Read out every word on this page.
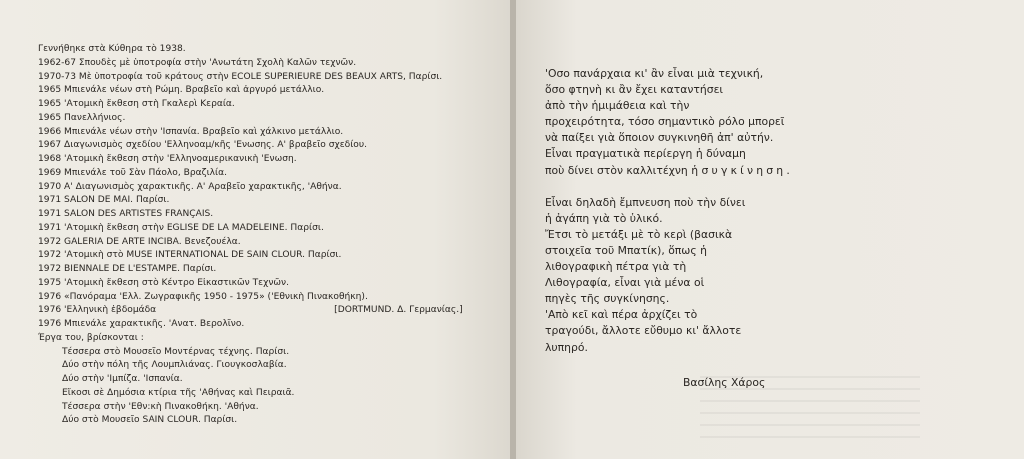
Γεννήθηκε στὰ Κύθηρα τὸ 1938.
1962-67 Σπουδὲς μὲ ὑποτροφία στὴν 'Ανωτάτη Σχολὴ Καλῶν τεχνῶν.
1970-73 Μὲ ὑποτροφία τοῦ κράτους στὴν ECOLE SUPERIEURE DES BEAUX ARTS, Παρίσι.
1965 Μπιενάλε νέων στὴ Ρώμη. Βραβεῖο καὶ ἀργυρό μετάλλιο.
1965 'Ατομικὴ ἔκθεση στὴ Γκαλερὶ Κεραία.
1965 Πανελλήνιος.
1966 Μπιενάλε νέων στὴν 'Ισπανία. Βραβεῖο καὶ χάλκινο μετάλλιο.
1967 Διαγωνισμὸς σχεδίου 'Ελληνοαμ/κῆς 'Ενωσης. Α' βραβεῖο σχεδίου.
1968 'Ατομικὴ ἔκθεση στὴν 'Ελληνοαμερικανικὴ 'Ενωση.
1969 Μπιενάλε τοῦ Σὰν Πάολο, Βραζιλία.
1970 Α' Διαγωνισμὸς χαρακτικῆς. Α' Αραβεῖο χαρακτικῆς, 'Αθήνα.
1971 SALON DE MAI. Παρίσι.
1971 SALON DES ARTISTES FRANÇAIS.
1971 'Ατομικὴ ἔκθεση στὴν EGLISE DE LA MADELEINE. Παρίσι.
1972 GALERIA DE ARTE INCIBA. Βενεζουέλα.
1972 'Ατομικὴ στὸ MUSE INTERNATIONAL DE SAIN CLOUR. Παρίσι.
1972 BIENNALE DE L'ESTAMPE. Παρίσι.
1975 'Ατομικὴ ἔκθεση στὸ Κέντρο Εἰκαστικῶν Τεχνῶν.
1976 «Πανόραμα 'Ελλ. Ζωγραφικῆς 1950 - 1975» ('Εθνικὴ Πινακοθήκη).
1976 'Ελληνικὴ ἑβδομάδα	[DORTMUND. Δ. Γερμανίας.]
1976 Μπιενάλε χαρακτικῆς. 'Ανατ. Βερολῖνο.
Έργα του, βρίσκονται :
Τέσσερα στὸ Μουσεῖο Μοντέρνας τέχνης. Παρίσι.
Δύο στὴν πόλη τῆς Λουμπλιάνας. Γιουγκοσλαβία.
Δύο στὴν 'Ιμπίζα. 'Ισπανία.
Εἴκοσι σὲ Δημόσια κτίρια τῆς 'Αθήνας καὶ Πειραιᾶ.
Τέσσερα στὴν 'Εθν:κὴ Πινακοθήκη. 'Αθήνα.
Δύο στὸ Μουσεῖο SAIN CLOUR. Παρίσι.
'Οσο πανάρχαια κι' ἂν εἶναι μιὰ τεχνική,
ὅσο φτηνὴ κι ἂν ἔχει καταντήσει
ἀπὸ τὴν ἡμιμάθεια καὶ τὴν
προχειρότητα, τόσο σημαντικὸ ρόλο μπορεῖ
νὰ παίξει γιὰ ὅποιον συγκινηθῆ ἀπ' αὐτήν.
Εἶναι πραγματικὰ περίεργη ἡ δύναμη
ποὺ δίνει στὸν καλλιτέχνη ἡ συγκίνηση.
Εἶναι δηλαδὴ ἔμπνευση ποὺ τὴν δίνει
ἡ ἀγάπη γιὰ τὸ ὑλικό.
Ἔτσι τὸ μετάξι μὲ τὸ κερὶ (βασικὰ
στοιχεῖα τοῦ Μπατίκ), ὅπως ἡ
λιθογραφικὴ πέτρα γιὰ τὴ
Λιθογραφία, εἶναι γιὰ μένα οἱ
πηγὲς τῆς συγκίνησης.
'Απὸ κεῖ καὶ πέρα ἀρχίζει τὸ
τραγούδι, ἄλλοτε εὔθυμο κι' ἄλλοτε
λυπηρό.
Βασίλης Χάρος
